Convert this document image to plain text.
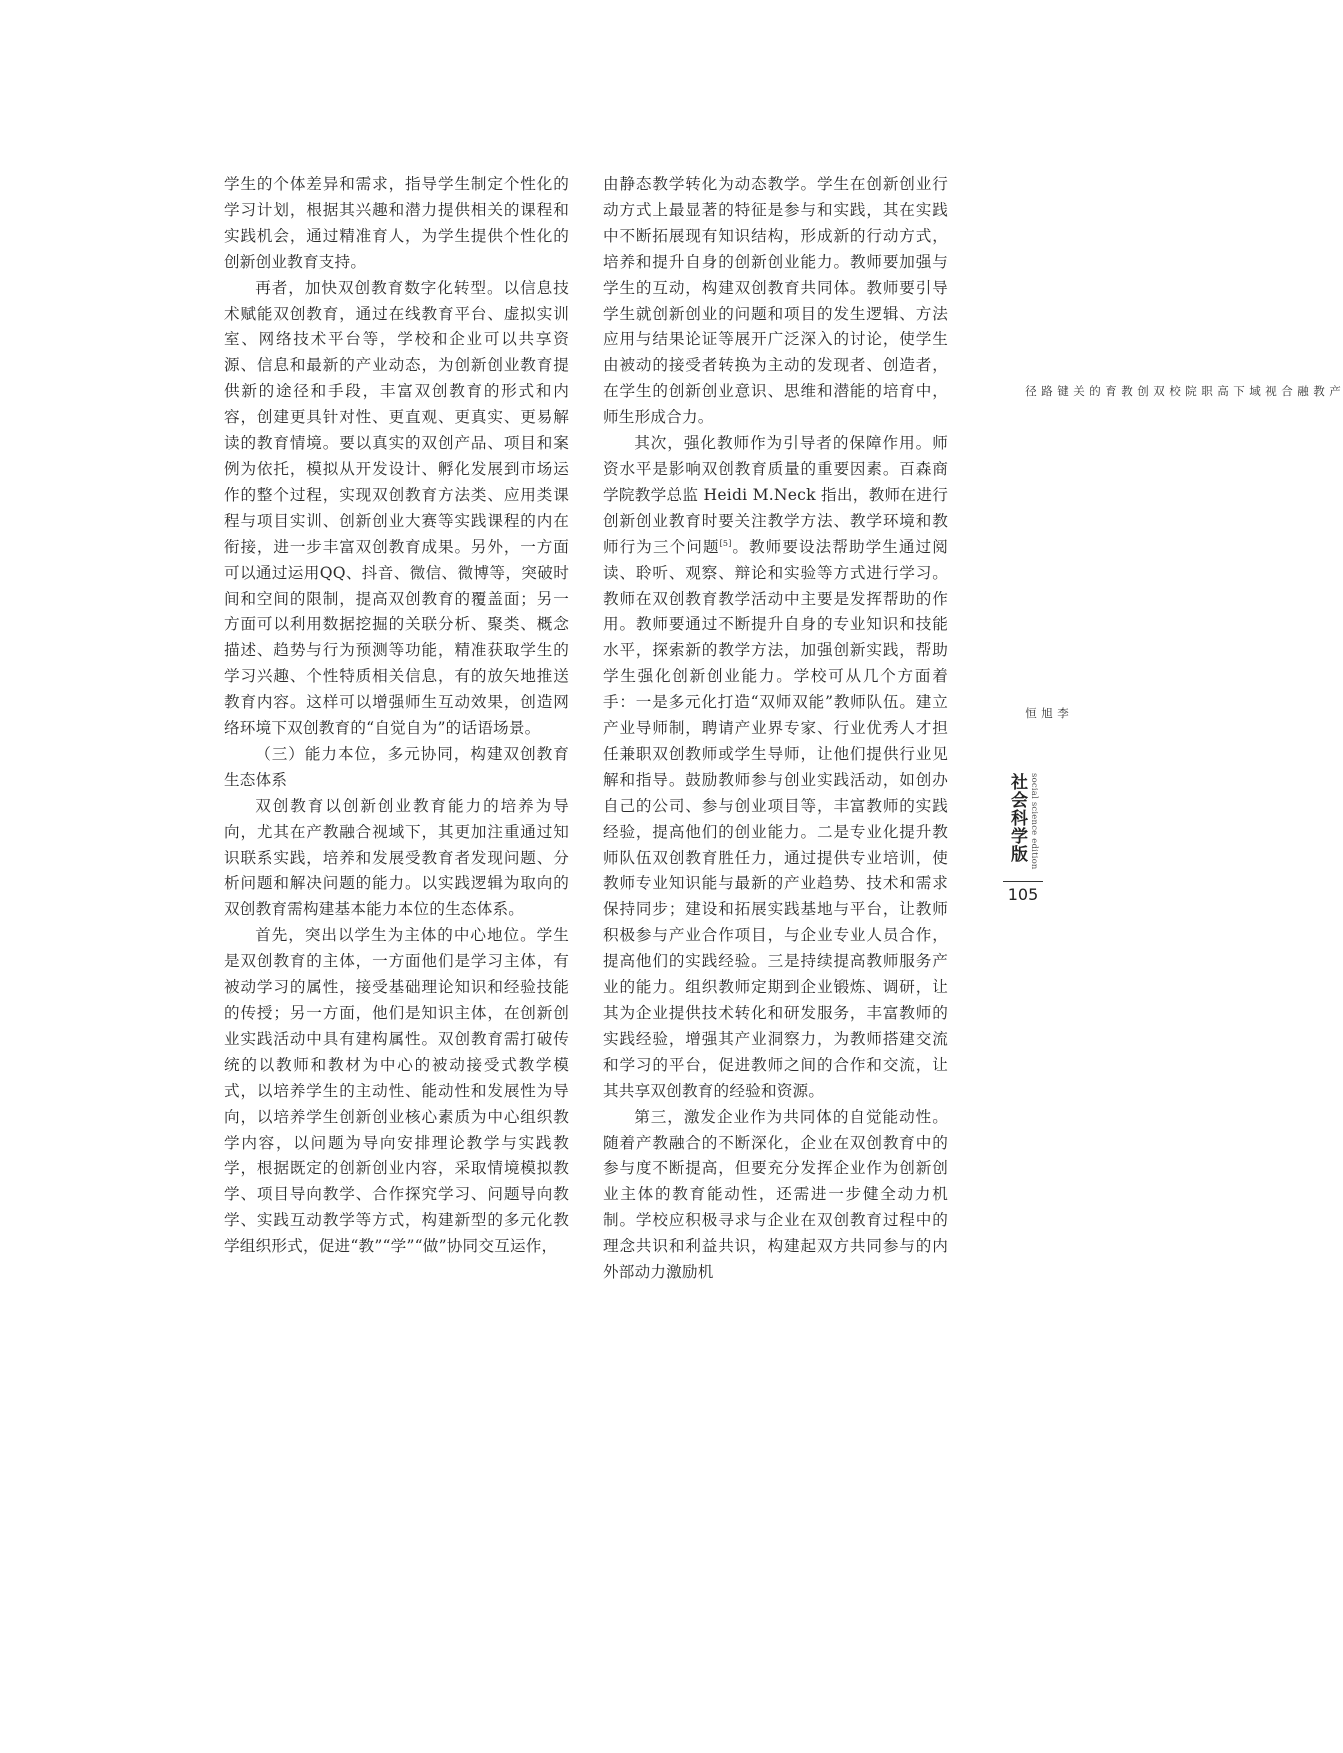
学生的个体差异和需求，指导学生制定个性化的学习计划，根据其兴趣和潜力提供相关的课程和实践机会，通过精准育人，为学生提供个性化的创新创业教育支持。

再者，加快双创教育数字化转型。以信息技术赋能双创教育，通过在线教育平台、虚拟实训室、网络技术平台等，学校和企业可以共享资源、信息和最新的产业动态，为创新创业教育提供新的途径和手段，丰富双创教育的形式和内容，创建更具针对性、更直观、更真实、更易解读的教育情境。要以真实的双创产品、项目和案例为依托，模拟从开发设计、孵化发展到市场运作的整个过程，实现双创教育方法类、应用类课程与项目实训、创新创业大赛等实践课程的内在衔接，进一步丰富双创教育成果。另外，一方面可以通过运用QQ、抖音、微信、微博等，突破时间和空间的限制，提高双创教育的覆盖面；另一方面可以利用数据挖掘的关联分析、聚类、概念描述、趋势与行为预测等功能，精准获取学生的学习兴趣、个性特质相关信息，有的放矢地推送教育内容。这样可以增强师生互动效果，创造网络环境下双创教育的“自觉自为”的话语场景。

（三）能力本位，多元协同，构建双创教育生态体系

双创教育以创新创业教育能力的培养为导向，尤其在产教融合视域下，其更加注重通过知识联系实践，培养和发展受教育者发现问题、分析问题和解决问题的能力。以实践逻辑为取向的双创教育需构建基本能力本位的生态体系。

首先，突出以学生为主体的中心地位。学生是双创教育的主体，一方面他们是学习主体，有被动学习的属性，接受基础理论知识和经验技能的传授；另一方面，他们是知识主体，在创新创业实践活动中具有建构属性。双创教育需打破传统的以教师和教材为中心的被动接受式教学模式，以培养学生的主动性、能动性和发展性为导向，以培养学生创新创业核心素质为中心组织教学内容，以问题为导向安排理论教学与实践教学，根据既定的创新创业内容，采取情境模拟教学、项目导向教学、合作探究学习、问题导向教学、实践互动教学等方式，构建新型的多元化教学组织形式，促进“教”“学”“做”协同交互运作，

由静态教学转化为动态教学。学生在创新创业行动方式上最显著的特征是参与和实践，其在实践中不断拓展现有知识结构，形成新的行动方式，培养和提升自身的创新创业能力。教师要加强与学生的互动，构建双创教育共同体。教师要引导学生就创新创业的问题和项目的发生逻辑、方法应用与结果论证等展开广泛深入的讨论，使学生由被动的接受者转换为主动的发现者、创造者，在学生的创新创业意识、思维和潜能的培育中，师生形成合力。

其次，强化教师作为引导者的保障作用。师资水平是影响双创教育质量的重要因素。百森商学院教学总监 Heidi M.Neck 指出，教师在进行创新创业教育时要关注教学方法、教学环境和教师行为三个问题[5]。教师要设法帮助学生通过阅读、聆听、观察、辩论和实验等方式进行学习。教师在双创教育教学活动中主要是发挥帮助的作用。教师要通过不断提升自身的专业知识和技能水平，探索新的教学方法，加强创新实践，帮助学生强化创新创业能力。学校可从几个方面着手：一是多元化打造“双师双能”教师队伍。建立产业导师制，聘请产业界专家、行业优秀人才担任兼职双创教师或学生导师，让他们提供行业见解和指导。鼓励教师参与创业实践活动，如创办自己的公司、参与创业项目等，丰富教师的实践经验，提高他们的创业能力。二是专业化提升教师队伍双创教育胜任力，通过提供专业培训，使教师专业知识能与最新的产业趋势、技术和需求保持同步；建设和拓展实践基地与平台，让教师积极参与产业合作项目，与企业专业人员合作，提高他们的实践经验。三是持续提高教师服务产业的能力。组织教师定期到企业锻炼、调研，让其为企业提供技术转化和研发服务，丰富教师的实践经验，增强其产业洞察力，为教师搭建交流和学习的平台，促进教师之间的合作和交流，让其共享双创教育的经验和资源。

第三，激发企业作为共同体的自觉能动性。随着产教融合的不断深化，企业在双创教育中的参与度不断提高，但要充分发挥企业作为创新创业主体的教育能动性，还需进一步健全动力机制。学校应积极寻求与企业在双创教育过程中的理念共识和利益共识，构建起双方共同参与的内外部动力激励机

产教融合视域下高职院校双创教育的关键路径
李旭恒
社会科学版 social science edition
105
